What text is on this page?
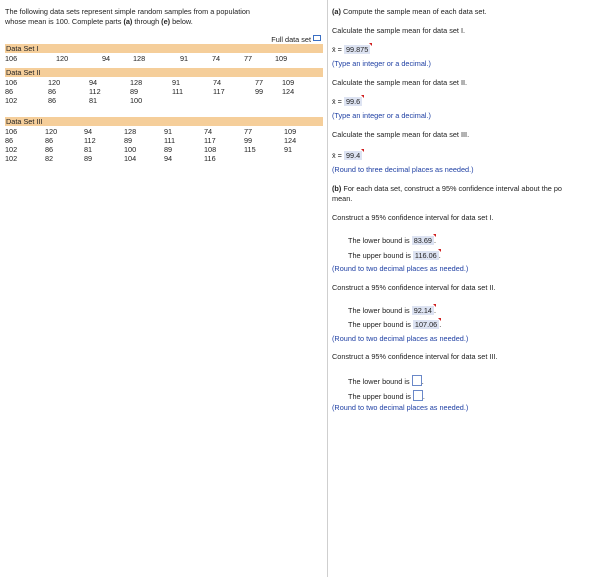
The following data sets represent simple random samples from a population
whose mean is 100. Complete parts (a) through (e) below.
Full data set
Data Set I
106	120	94	128	91	74	77	109
Data Set II
106	120	94	128	91	74	77	109
86	86	112	89	111	117	99	124
102	86	81	100
Data Set III
106	120	94	128	91	74	77	109
86	86	112	89	111	117	99	124
102	86	81	100	89	108	115	91
102	82	89	104	94	116
(a) Compute the sample mean of each data set.
Calculate the sample mean for data set I.
x̄ = 99.875
(Type an integer or a decimal.)
Calculate the sample mean for data set II.
x̄ = 99.6
(Type an integer or a decimal.)
Calculate the sample mean for data set III.
x̄ = 99.4
(Round to three decimal places as needed.)
(b) For each data set, construct a 95% confidence interval about the po
mean.
Construct a 95% confidence interval for data set I.
The lower bound is 83.69 .
The upper bound is 116.06 .
(Round to two decimal places as needed.)
Construct a 95% confidence interval for data set II.
The lower bound is 92.14 .
The upper bound is 107.06 .
(Round to two decimal places as needed.)
Construct a 95% confidence interval for data set III.
The lower bound is .
The upper bound is .
(Round to two decimal places as needed.)
